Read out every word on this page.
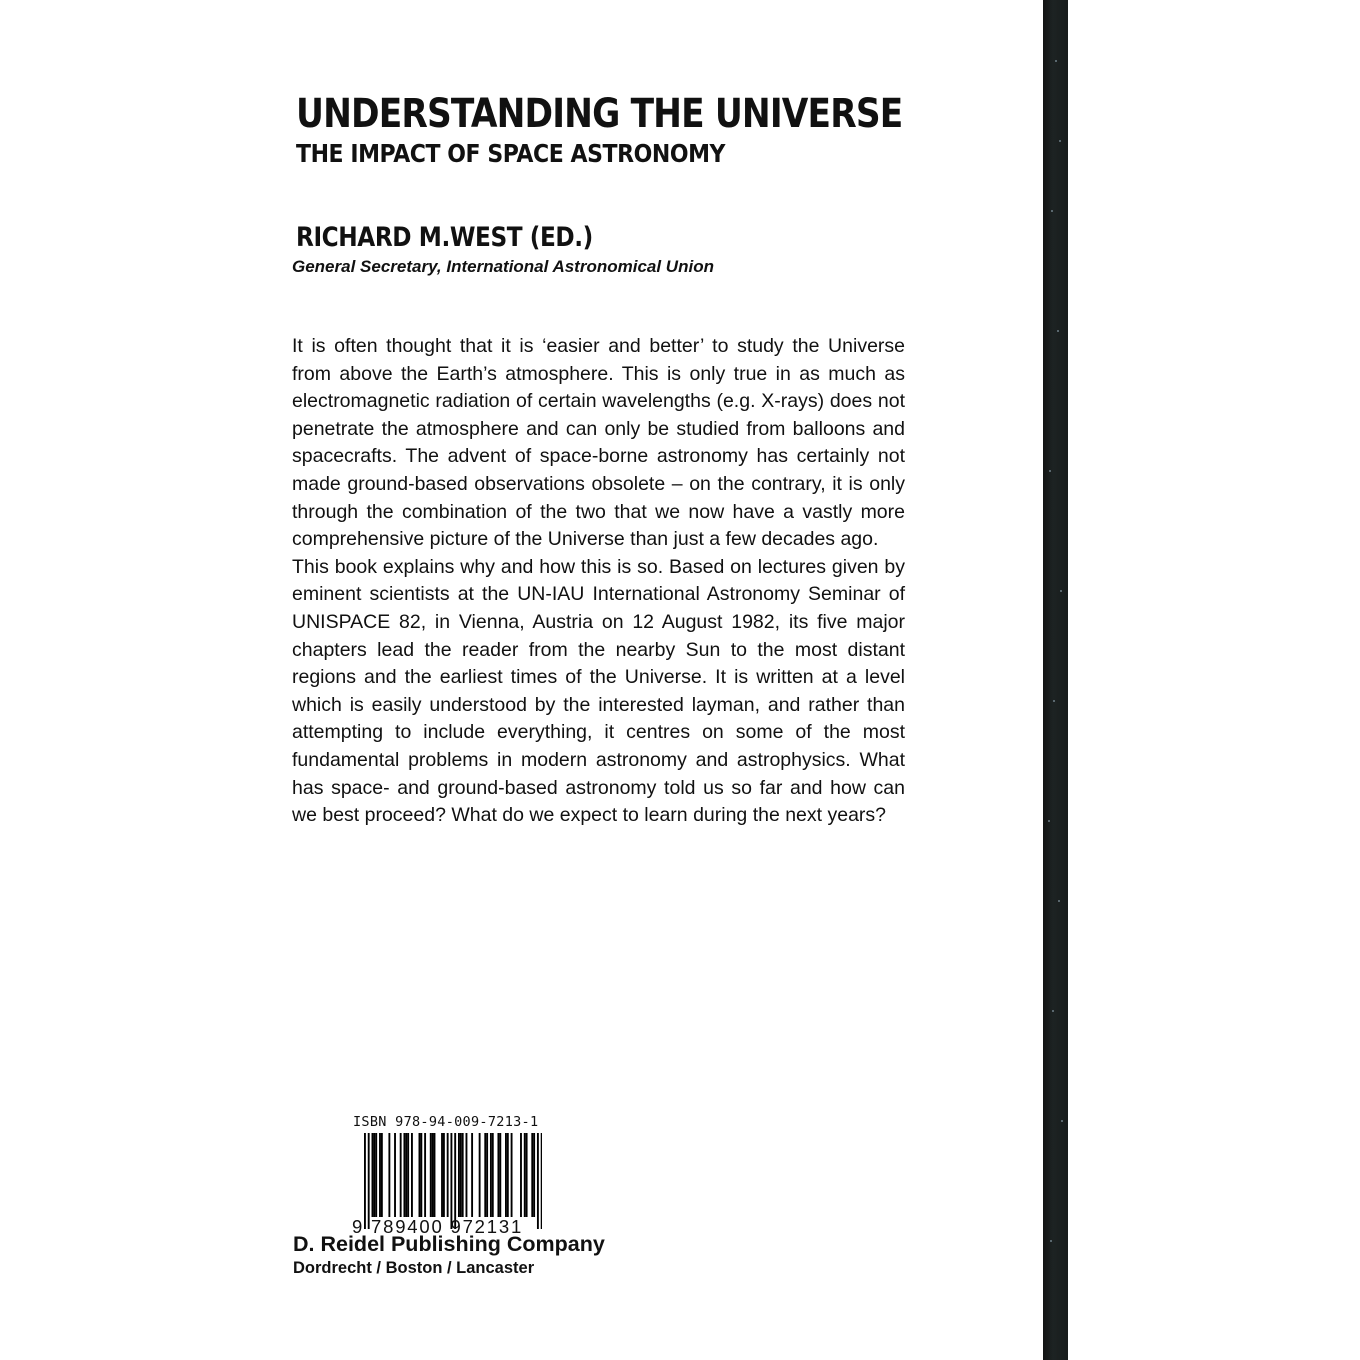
UNDERSTANDING THE UNIVERSE
THE IMPACT OF SPACE ASTRONOMY
RICHARD M.WEST (ED.)

General Secretary, International Astronomical Union

It is often thought that it is ‘easier and better’ to study the Universe from above the Earth’s atmosphere. This is only true in as much as electromagnetic radiation of certain wavelengths (e.g. X-rays) does not penetrate the atmosphere and can only be studied from balloons and spacecrafts. The advent of space-borne astronomy has certainly not made ground-based observations obsolete – on the contrary, it is only through the combination of the two that we now have a vastly more comprehensive picture of the Universe than just a few decades ago.

This book explains why and how this is so. Based on lectures given by eminent scientists at the UN-IAU International Astronomy Seminar of UNISPACE 82, in Vienna, Austria on 12 August 1982, its five major chapters lead the reader from the nearby Sun to the most distant regions and the earliest times of the Universe. It is written at a level which is easily understood by the interested layman, and rather than attempting to include everything, it centres on some of the most fundamental problems in modern astronomy and astrophysics. What has space- and ground-based astronomy told us so far and how can we best proceed? What do we expect to learn during the next years?

ISBN 978-94-009-7213-1
9 789400 972131

D. Reidel Publishing Company

Dordrecht / Boston / Lancaster
